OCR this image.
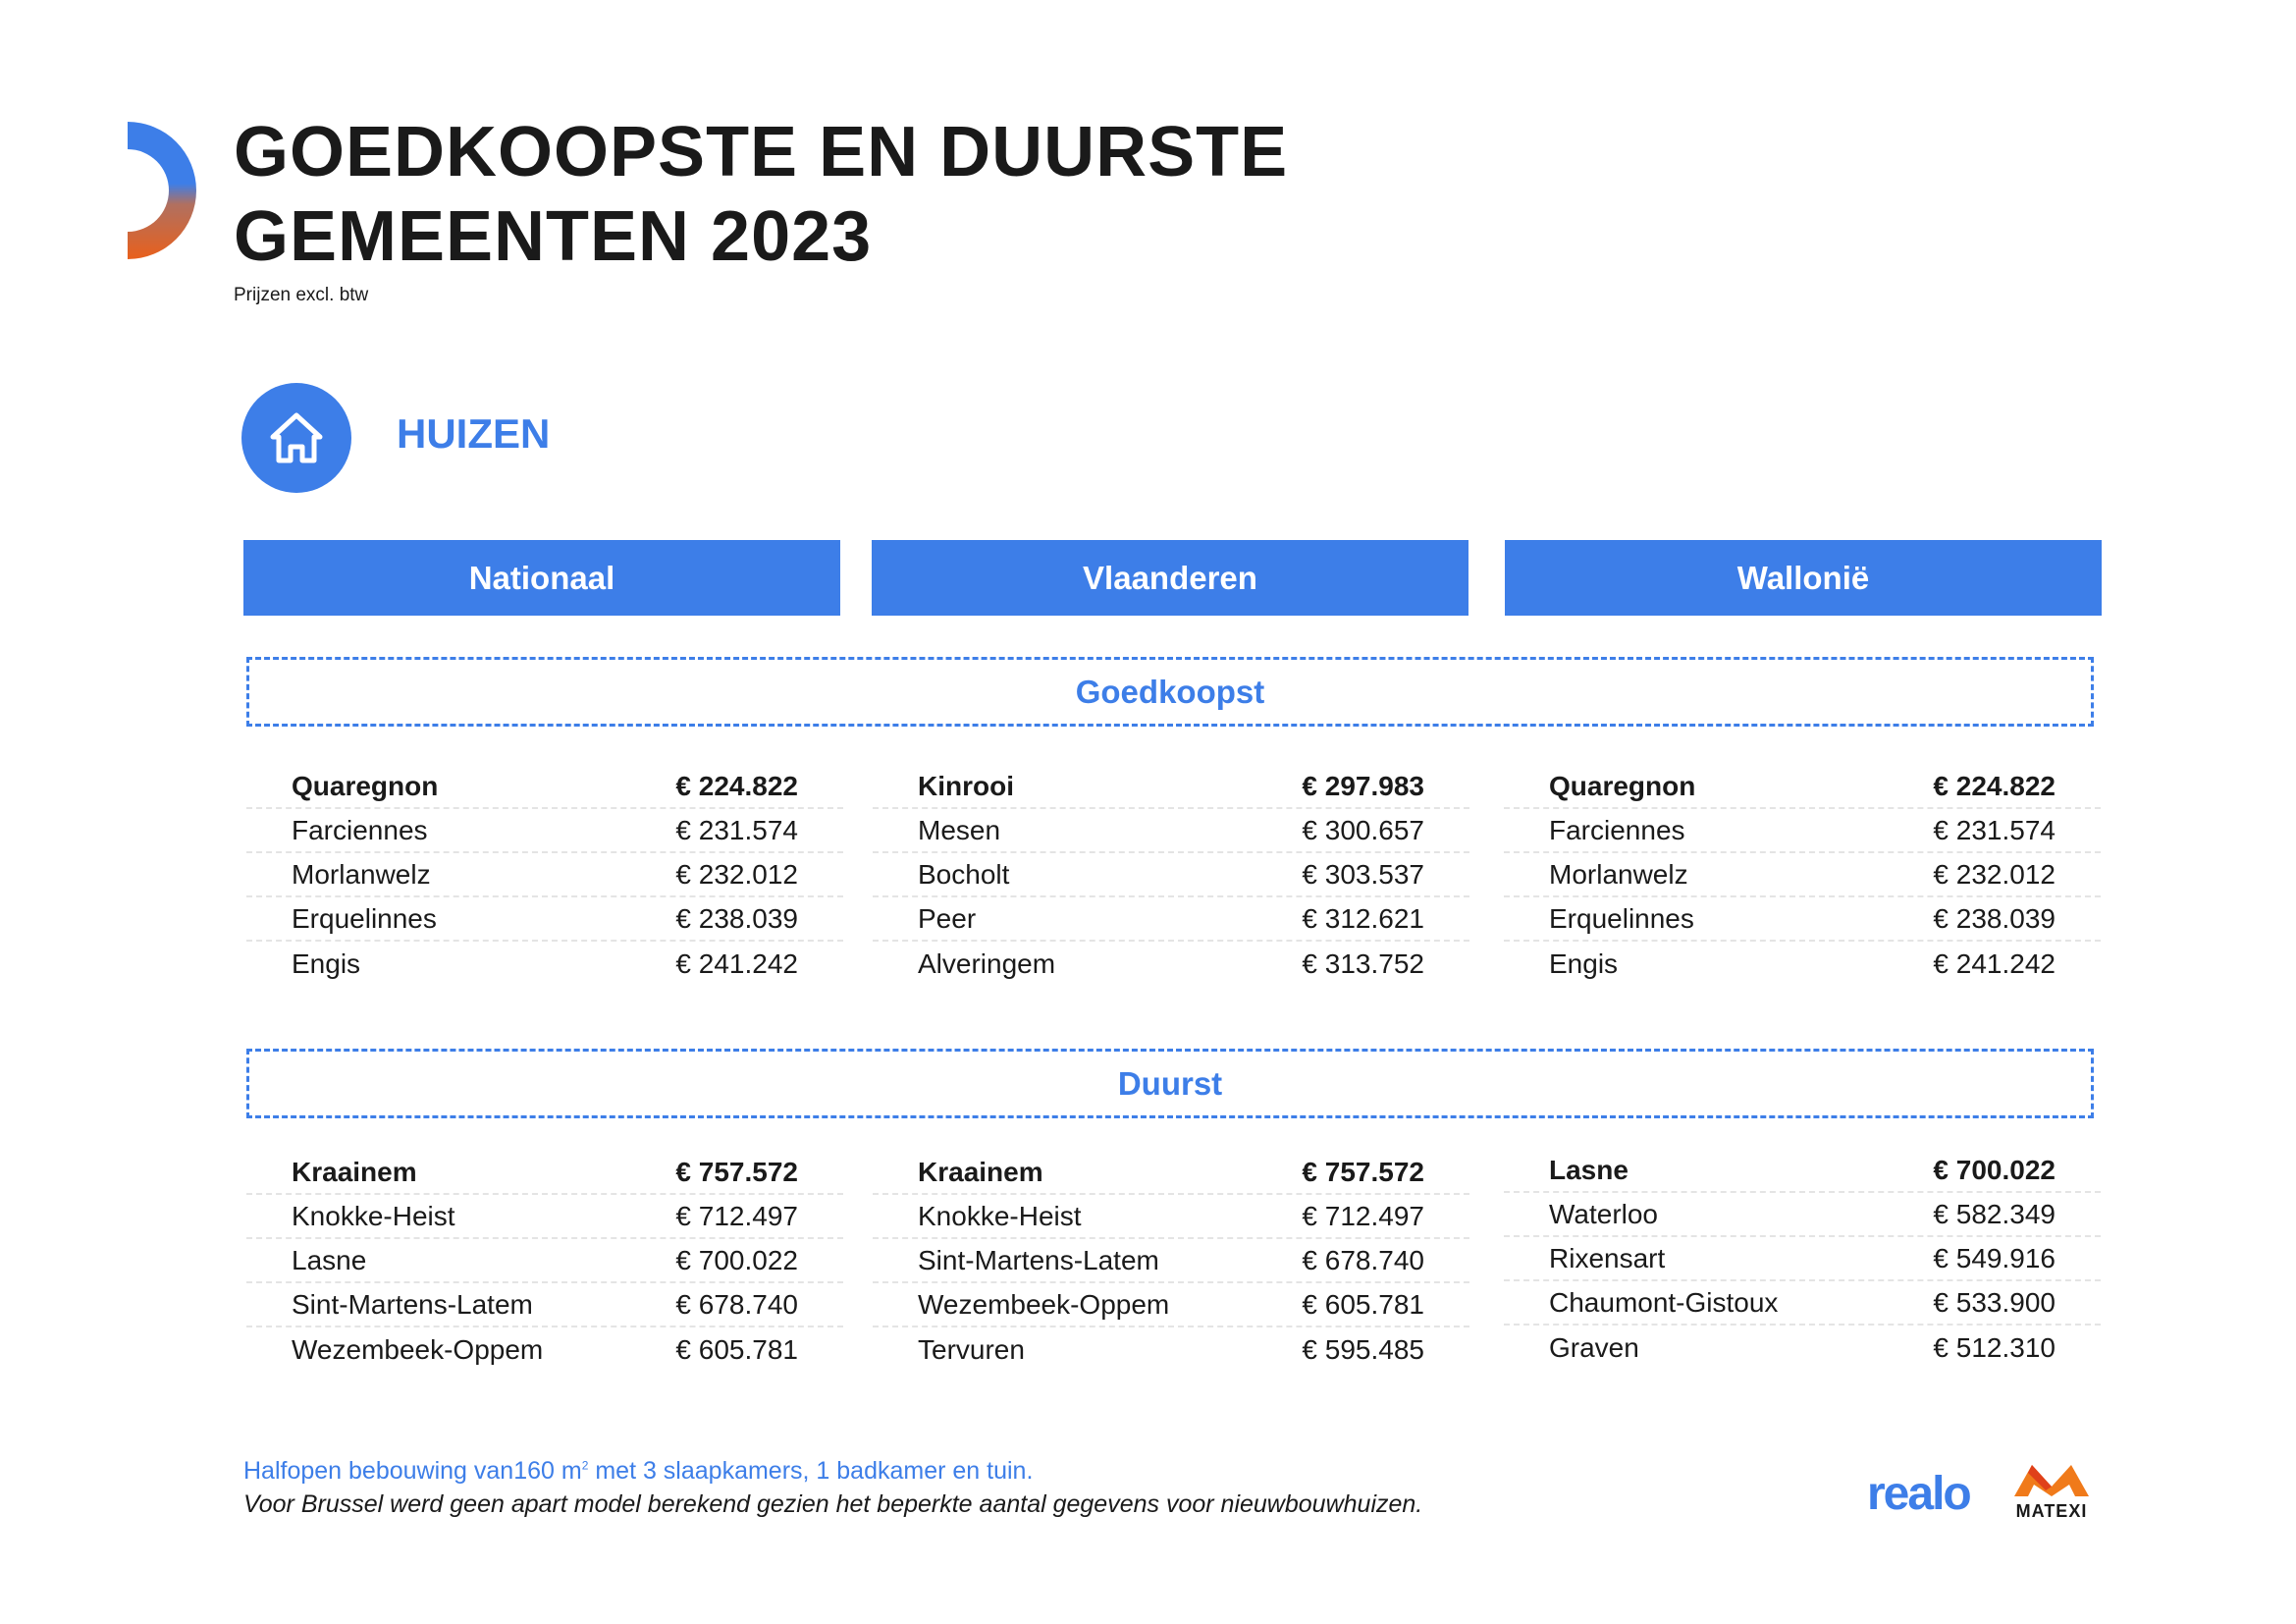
GOEDKOOPSTE EN DUURSTE
GEMEENTEN 2023
Prijzen excl. btw
HUIZEN
Nationaal	Vlaanderen	Wallonië
Goedkoopst
Duurst
Quaregnon	€ 224.822
Farciennes	€ 231.574
Morlanwelz	€ 232.012
Erquelinnes	€ 238.039
Engis	€ 241.242
Kinrooi	€ 297.983
Mesen	€ 300.657
Bocholt	€ 303.537
Peer	€ 312.621
Alveringem	€ 313.752
Quaregnon	€ 224.822
Farciennes	€ 231.574
Morlanwelz	€ 232.012
Erquelinnes	€ 238.039
Engis	€ 241.242
Kraainem	€ 757.572
Knokke-Heist	€ 712.497
Lasne	€ 700.022
Sint-Martens-Latem	€ 678.740
Wezembeek-Oppem	€ 605.781
Kraainem	€ 757.572
Knokke-Heist	€ 712.497
Sint-Martens-Latem	€ 678.740
Wezembeek-Oppem	€ 605.781
Tervuren	€ 595.485
Lasne	€ 700.022
Waterloo	€ 582.349
Rixensart	€ 549.916
Chaumont-Gistoux	€ 533.900
Graven	€ 512.310
Halfopen bebouwing van160 $m^2$ met 3 slaapkamers, 1 badkamer en tuin.
Voor Brussel werd geen apart model berekend gezien het beperkte aantal gegevens voor nieuwbouwhuizen.	realo	MATEXI
